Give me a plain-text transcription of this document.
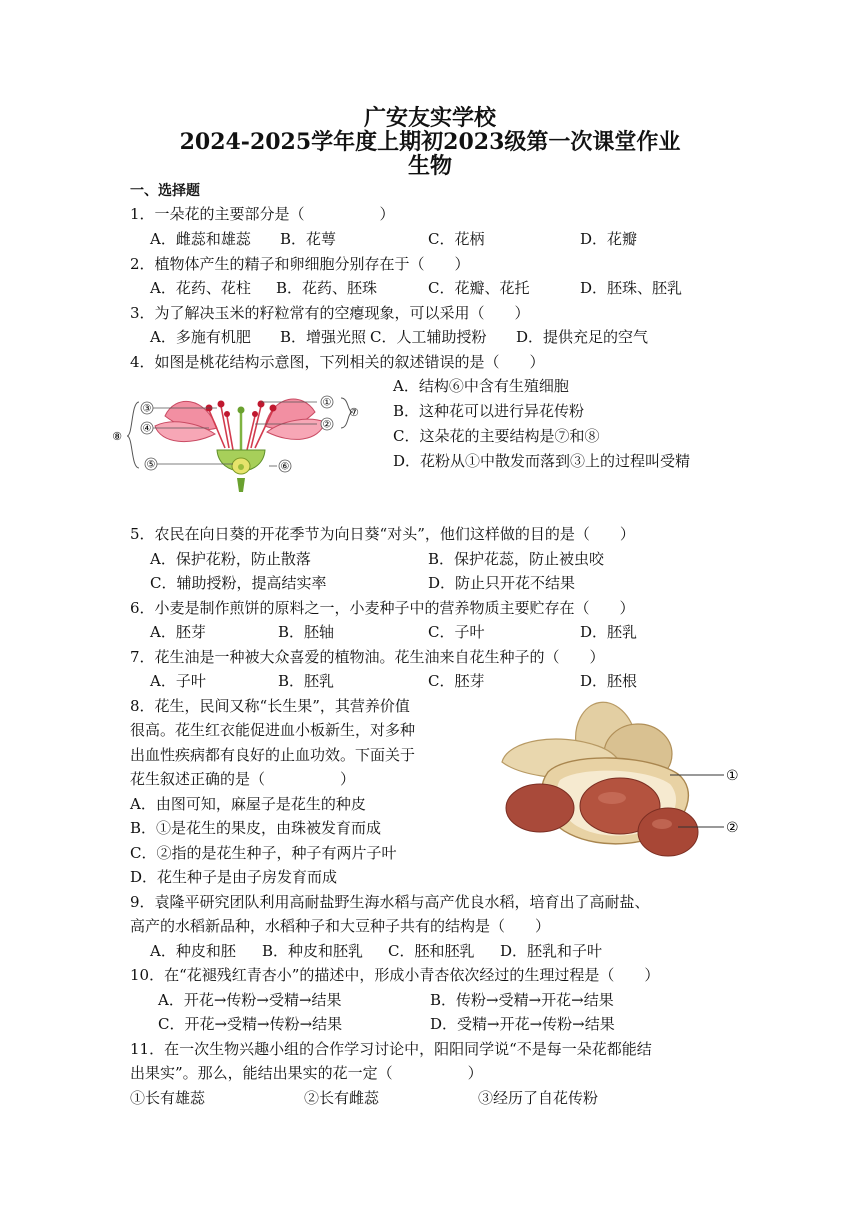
广安友实学校
2024-2025学年度上期初2023级第一次课堂作业
生物
一、选择题
1．一朵花的主要部分是（　　　　　）
A．雌蕊和雄蕊 B．花萼	C．花柄	D．花瓣
2．植物体产生的精子和卵细胞分别存在于（　　）
A．花药、花柱 B．花药、胚珠	C．花瓣、花托	D．胚珠、胚乳
3．为了解决玉米的籽粒常有的空瘪现象，可以采用（　　）
A．多施有机肥 B．增强光照 C．人工辅助授粉 D．提供充足的空气
4．如图是桃花结构示意图，下列相关的叙述错误的是（　　）
A．结构⑥中含有生殖细胞
B．这种花可以进行异花传粉
C．这朵花的主要结构是⑦和⑧
D．花粉从①中散发而落到③上的过程叫受精
①
②
③
④
⑤	⑥
⑦
⑧
5．农民在向日葵的开花季节为向日葵“对头”，他们这样做的目的是（　　）
A．保护花粉，防止散落	B．保护花蕊，防止被虫咬
C．辅助授粉，提高结实率	D．防止只开花不结果
6．小麦是制作煎饼的原料之一，小麦种子中的营养物质主要贮存在（　　）
A．胚芽	B．胚轴	C．子叶	D．胚乳
7．花生油是一种被大众喜爱的植物油。花生油来自花生种子的（　　）
A．子叶	B．胚乳	C．胚芽	D．胚根
8．花生，民间又称“长生果”，其营养价值
很高。花生红衣能促进血小板新生，对多种
出血性疾病都有良好的止血功效。下面关于
花生叙述正确的是（　　　　　）
A．由图可知，麻屋子是花生的种皮
B．①是花生的果皮，由珠被发育而成
C．②指的是花生种子，种子有两片子叶
D．花生种子是由子房发育而成
①
②
9．袁隆平研究团队利用高耐盐野生海水稻与高产优良水稻，培育出了高耐盐、
高产的水稻新品种，水稻种子和大豆种子共有的结构是（　　）
A．种皮和胚 B．种皮和胚乳 C．胚和胚乳 D．胚乳和子叶
10．在“花褪残红青杏小”的描述中，形成小青杏依次经过的生理过程是（　　）
A．开花→传粉→受精→结果	B．传粉→受精→开花→结果
C．开花→受精→传粉→结果	D．受精→开花→传粉→结果
11．在一次生物兴趣小组的合作学习讨论中，阳阳同学说“不是每一朵花都能结
出果实”。那么，能结出果实的花一定（　　　　　）
①长有雄蕊	②长有雌蕊	③经历了自花传粉
